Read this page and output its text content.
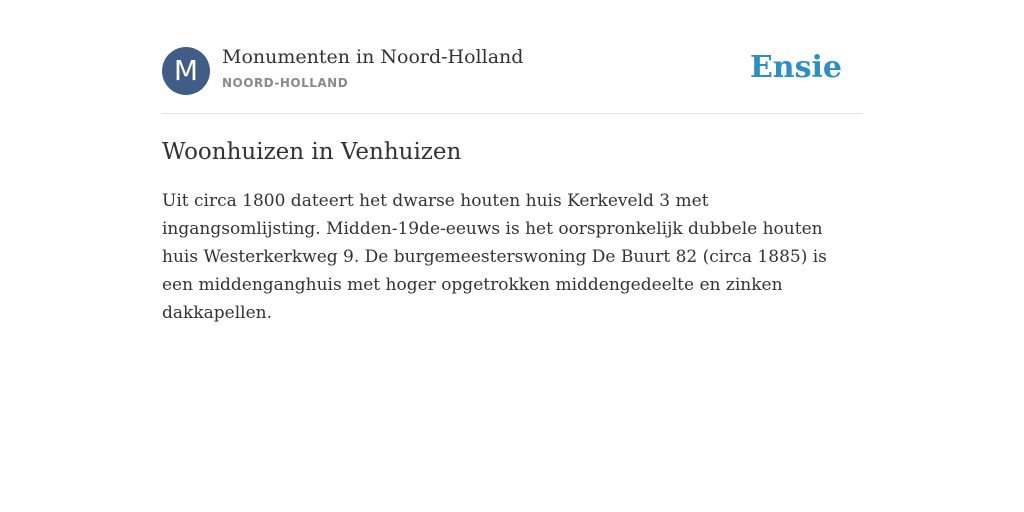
M	Monumenten in Noord-Holland
NOORD-HOLLAND	Ensie
Woonhuizen in Venhuizen

Uit circa 1800 dateert het dwarse houten huis Kerkeveld 3 met ingangsomlijsting. Midden-19de-eeuws is het oorspronkelijk dubbele houten huis Westerkerkweg 9. De burgemeesterswoning De Buurt 82 (circa 1885) is een middenganghuis met hoger opgetrokken middengedeelte en zinken dakkapellen.
